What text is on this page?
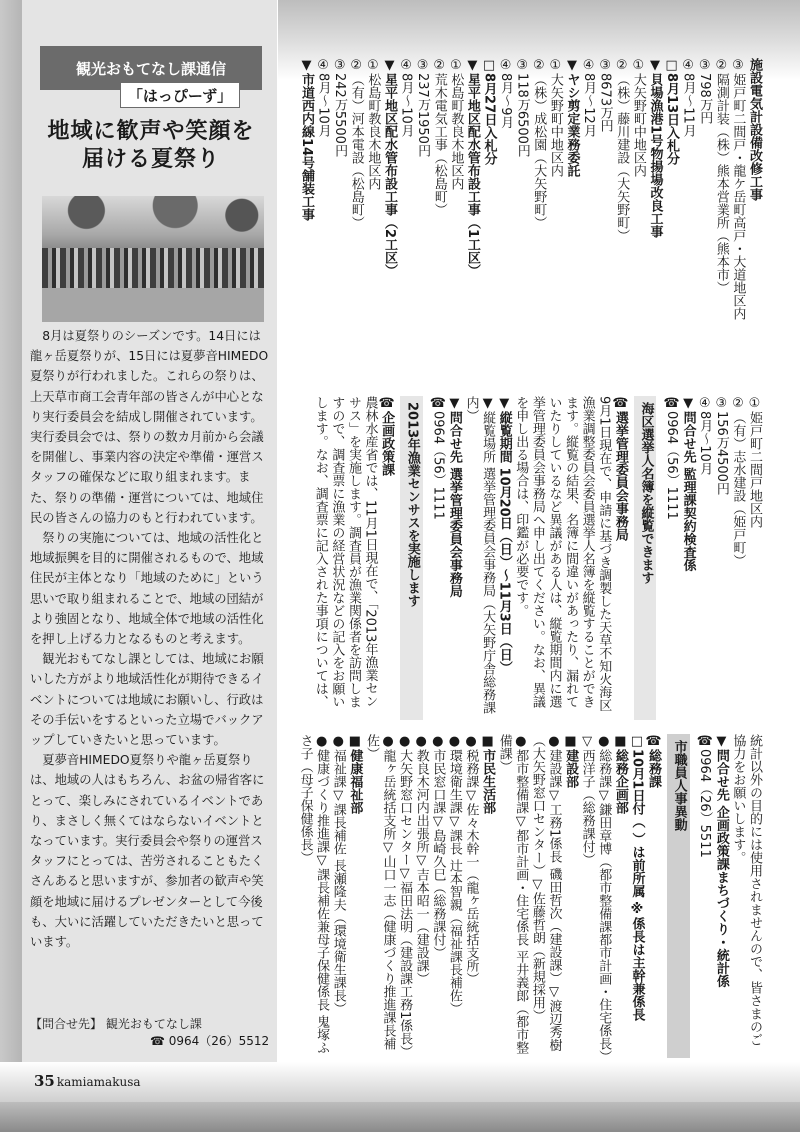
観光おもてなし課通信
「はっぴーず」
地域に歓声や笑顔を
届ける夏祭り

8月は夏祭りのシーズンです。14日には龍ヶ岳夏祭りが、15日には夏夢音HIMEDO夏祭りが行われました。これらの祭りは、上天草市商工会青年部の皆さんが中心となり実行委員会を結成し開催されています。実行委員会では、祭りの数カ月前から会議を開催し、事業内容の決定や準備・運営スタッフの確保などに取り組まれます。また、祭りの準備・運営については、地域住民の皆さんの協力のもと行われています。

祭りの実施については、地域の活性化と地域振興を目的に開催されるもので、地域住民が主体となり「地域のために」という思いで取り組まれることで、地域の団結がより強固となり、地域全体で地域の活性化を押し上げる力となるものと考えます。

観光おもてなし課としては、地域にお願いした方がより地域活性化が期待できるイベントについては地域にお願いし、行政はその手伝いをするといった立場でバックアップしていきたいと思っています。

夏夢音HIMEDO夏祭りや龍ヶ岳夏祭りは、地域の人はもちろん、お盆の帰省客にとって、楽しみにされているイベントであり、まさしく無くてはならないイベントとなっています。実行委員会や祭りの運営スタッフにとっては、苦労されることもたくさんあると思いますが、参加者の歓声や笑顔を地域に届けるプレゼンターとして今後も、大いに活躍していただきたいと思っています。

【問合せ先】 観光おもてなし課
☎ 0964（26）5512

施設電気計設備改修工事

③姫戸町二間戸・龍ケ岳町高戸・大道地区内

②隔測計装（株）熊本営業所（熊本市）

③798万円

④8月～11月

□8月13日入札分

▼貝場漁港1号物揚場改良工事

①大矢野町中地区内

②（株）藤川建設（大矢野町）

③8673万円

④8月～12月

▼ヤシ剪定業務委託

①大矢野町中地区内

②（株）成松園（大矢野町）

③118万6500円

④8月～9月

□8月27日入札分

▼星平地区配水管布設工事（1工区）

①松島町教良木地区内

②荒木電気工事（松島町）

③237万1950円

④8月～10月

▼星平地区配水管布設工事（2工区）

①松島町教良木地区内

②（有）河本電設（松島町）

③242万5500円

④8月～10月

▼市道西内線14号舗装工事

①姫戸町二間戸地区内

②（有）志水建設（姫戸町）

③156万4500円

④8月～10月

▼問合せ先 監理課契約検査係

☎0964（56）1111

海区選挙人名簿を縦覧できます

☎選挙管理委員会事務局

9月1日現在で、申請に基づき調製した天草不知火海区漁業調整委員会委員選挙人名簿を縦覧することができます。縦覧の結果、名簿に間違いがあったり、漏れていたりしているなど異議がある人は、縦覧期間内に選挙管理委員会事務局へ申し出てください。なお、異議を申し出る場合は、印鑑が必要です。

▼縦覧期間 10月20日（日）～11月3日（日）

▼縦覧場所 選挙管理委員会事務局（大矢野庁舎総務課内）

▼問合せ先 選挙管理委員会事務局

☎0964（56）1111

2013年漁業センサスを実施します

☎企画政策課

農林水産省では、11月1日現在で、「2013年漁業センサス」を実施します。調査員が漁業関係者を訪問しますので、調査票に漁業の経営状況などの記入をお願いします。なお、調査票に記入された事項については、統計以外の目的には使用されませんので、皆さまのご協力をお願いします。

▼問合せ先 企画政策課まちづくり・統計係

☎0964（26）5511

市職員人事異動

☎総務課

□10月1日付（ ）は前所属 ※係長は主幹兼係長

■総務企画部

●総務課▽鎌田章博（都市整備課都市計画・住宅係長）▽西洋子（総務課付）

■建設部

●建設課▽工務1係長 磯田哲次（建設課）▽渡辺秀樹（大矢野窓口センター）▽佐藤哲朗（新規採用）

●都市整備課▽都市計画・住宅係長 平井義郎（都市整備課）

■市民生活部

●税務課▽佐々木幹一（龍ヶ岳統括支所）

●環境衛生課▽課長 辻本智親（福祉課長補佐）

●市民窓口課▽島崎久巳（総務課付）

●教良木河内出張所▽吉本昭一（建設課）

●大矢野窓口センター▽福田法明（建設課工務1係長）

●龍ヶ岳統括支所▽山口一志（健康づくり推進課長補佐）

■健康福祉部

●福祉課▽課長補佐 長瀬隆夫（環境衛生課長）

●健康づくり推進課▽課長補佐兼母子保健係長 鬼塚ふさ子（母子保健係長）

35 kamiamakusa
